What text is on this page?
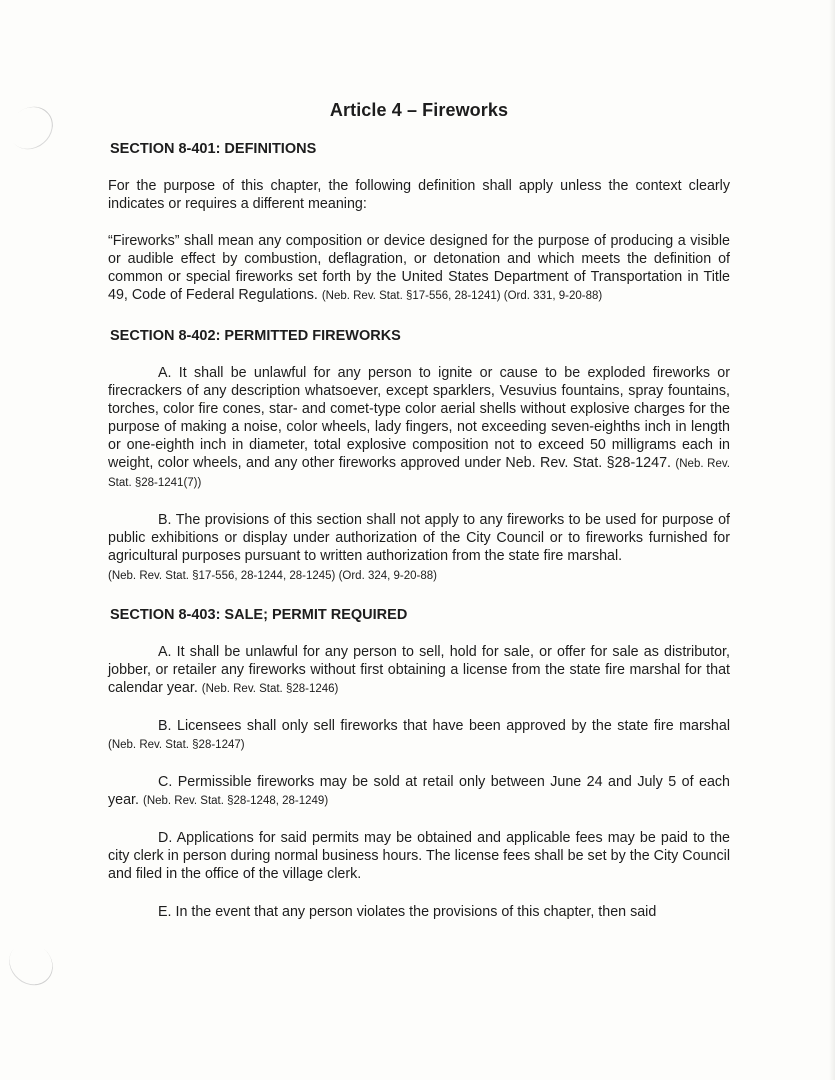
Article 4 – Fireworks
SECTION 8-401: DEFINITIONS

For the purpose of this chapter, the following definition shall apply unless the context clearly indicates or requires a different meaning:

“Fireworks” shall mean any composition or device designed for the purpose of producing a visible or audible effect by combustion, deflagration, or detonation and which meets the definition of common or special fireworks set forth by the United States Department of Transportation in Title 49, Code of Federal Regulations. (Neb. Rev. Stat. §17-556, 28-1241) (Ord. 331, 9-20-88)

SECTION 8-402: PERMITTED FIREWORKS

A. It shall be unlawful for any person to ignite or cause to be exploded fireworks or firecrackers of any description whatsoever, except sparklers, Vesuvius fountains, spray fountains, torches, color fire cones, star- and comet-type color aerial shells without explosive charges for the purpose of making a noise, color wheels, lady fingers, not exceeding seven-eighths inch in length or one-eighth inch in diameter, total explosive composition not to exceed 50 milligrams each in weight, color wheels, and any other fireworks approved under Neb. Rev. Stat. §28-1247. (Neb. Rev. Stat. §28-1241(7))

B. The provisions of this section shall not apply to any fireworks to be used for purpose of public exhibitions or display under authorization of the City Council or to fireworks furnished for agricultural purposes pursuant to written authorization from the state fire marshal.

(Neb. Rev. Stat. §17-556, 28-1244, 28-1245) (Ord. 324, 9-20-88)

SECTION 8-403: SALE; PERMIT REQUIRED

A. It shall be unlawful for any person to sell, hold for sale, or offer for sale as distributor, jobber, or retailer any fireworks without first obtaining a license from the state fire marshal for that calendar year. (Neb. Rev. Stat. §28-1246)

B. Licensees shall only sell fireworks that have been approved by the state fire marshal (Neb. Rev. Stat. §28-1247)

C. Permissible fireworks may be sold at retail only between June 24 and July 5 of each year. (Neb. Rev. Stat. §28-1248, 28-1249)

D. Applications for said permits may be obtained and applicable fees may be paid to the city clerk in person during normal business hours. The license fees shall be set by the City Council and filed in the office of the village clerk.

E. In the event that any person violates the provisions of this chapter, then said
